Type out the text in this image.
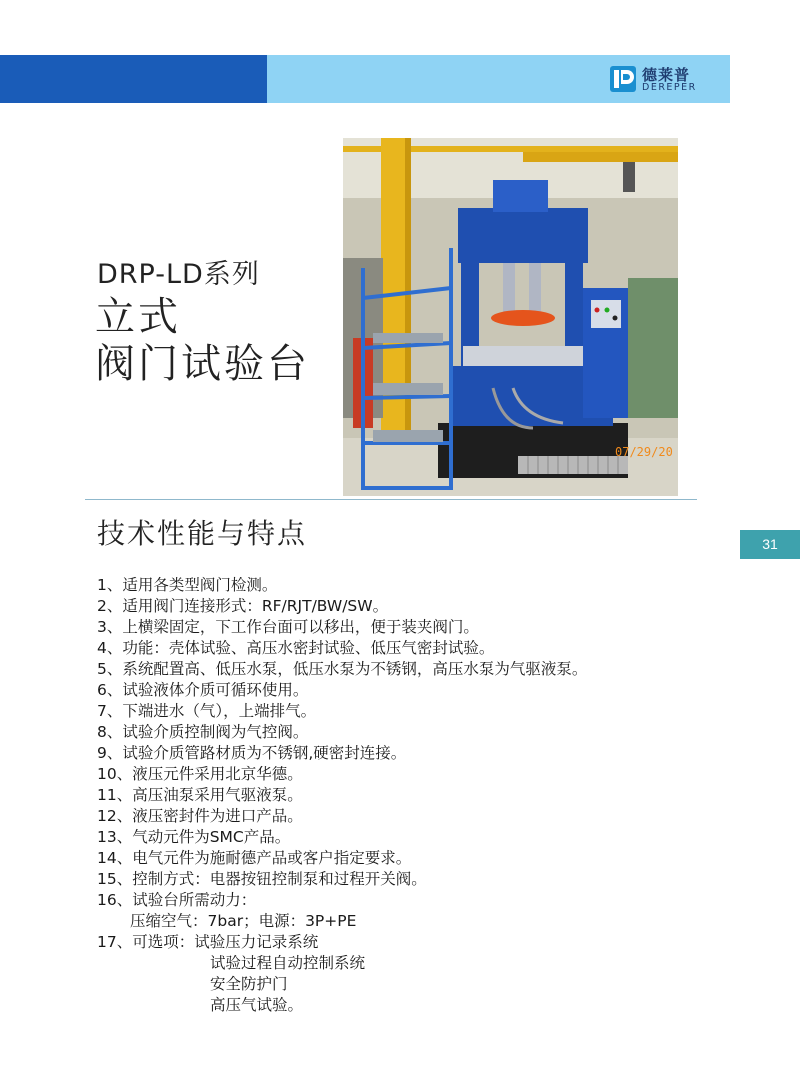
德莱普
DEREPER
DRP-LD系列
立式
阀门试验台
07/29/20
技术性能与特点	31
1、适用各类型阀门检测。
2、适用阀门连接形式：RF/RJT/BW/SW。
3、上横梁固定，下工作台面可以移出，便于装夹阀门。
4、功能：壳体试验、高压水密封试验、低压气密封试验。
5、系统配置高、低压水泵，低压水泵为不锈钢，高压水泵为气驱液泵。
6、试验液体介质可循环使用。
7、下端进水（气），上端排气。
8、试验介质控制阀为气控阀。
9、试验介质管路材质为不锈钢,硬密封连接。
10、液压元件采用北京华德。
11、高压油泵采用气驱液泵。
12、液压密封件为进口产品。
13、气动元件为SMC产品。
14、电气元件为施耐德产品或客户指定要求。
15、控制方式：电器按钮控制泵和过程开关阀。
16、试验台所需动力：
压缩空气：7bar；电源：3P+PE
17、可选项：试验压力记录系统
试验过程自动控制系统
安全防护门
高压气试验。
